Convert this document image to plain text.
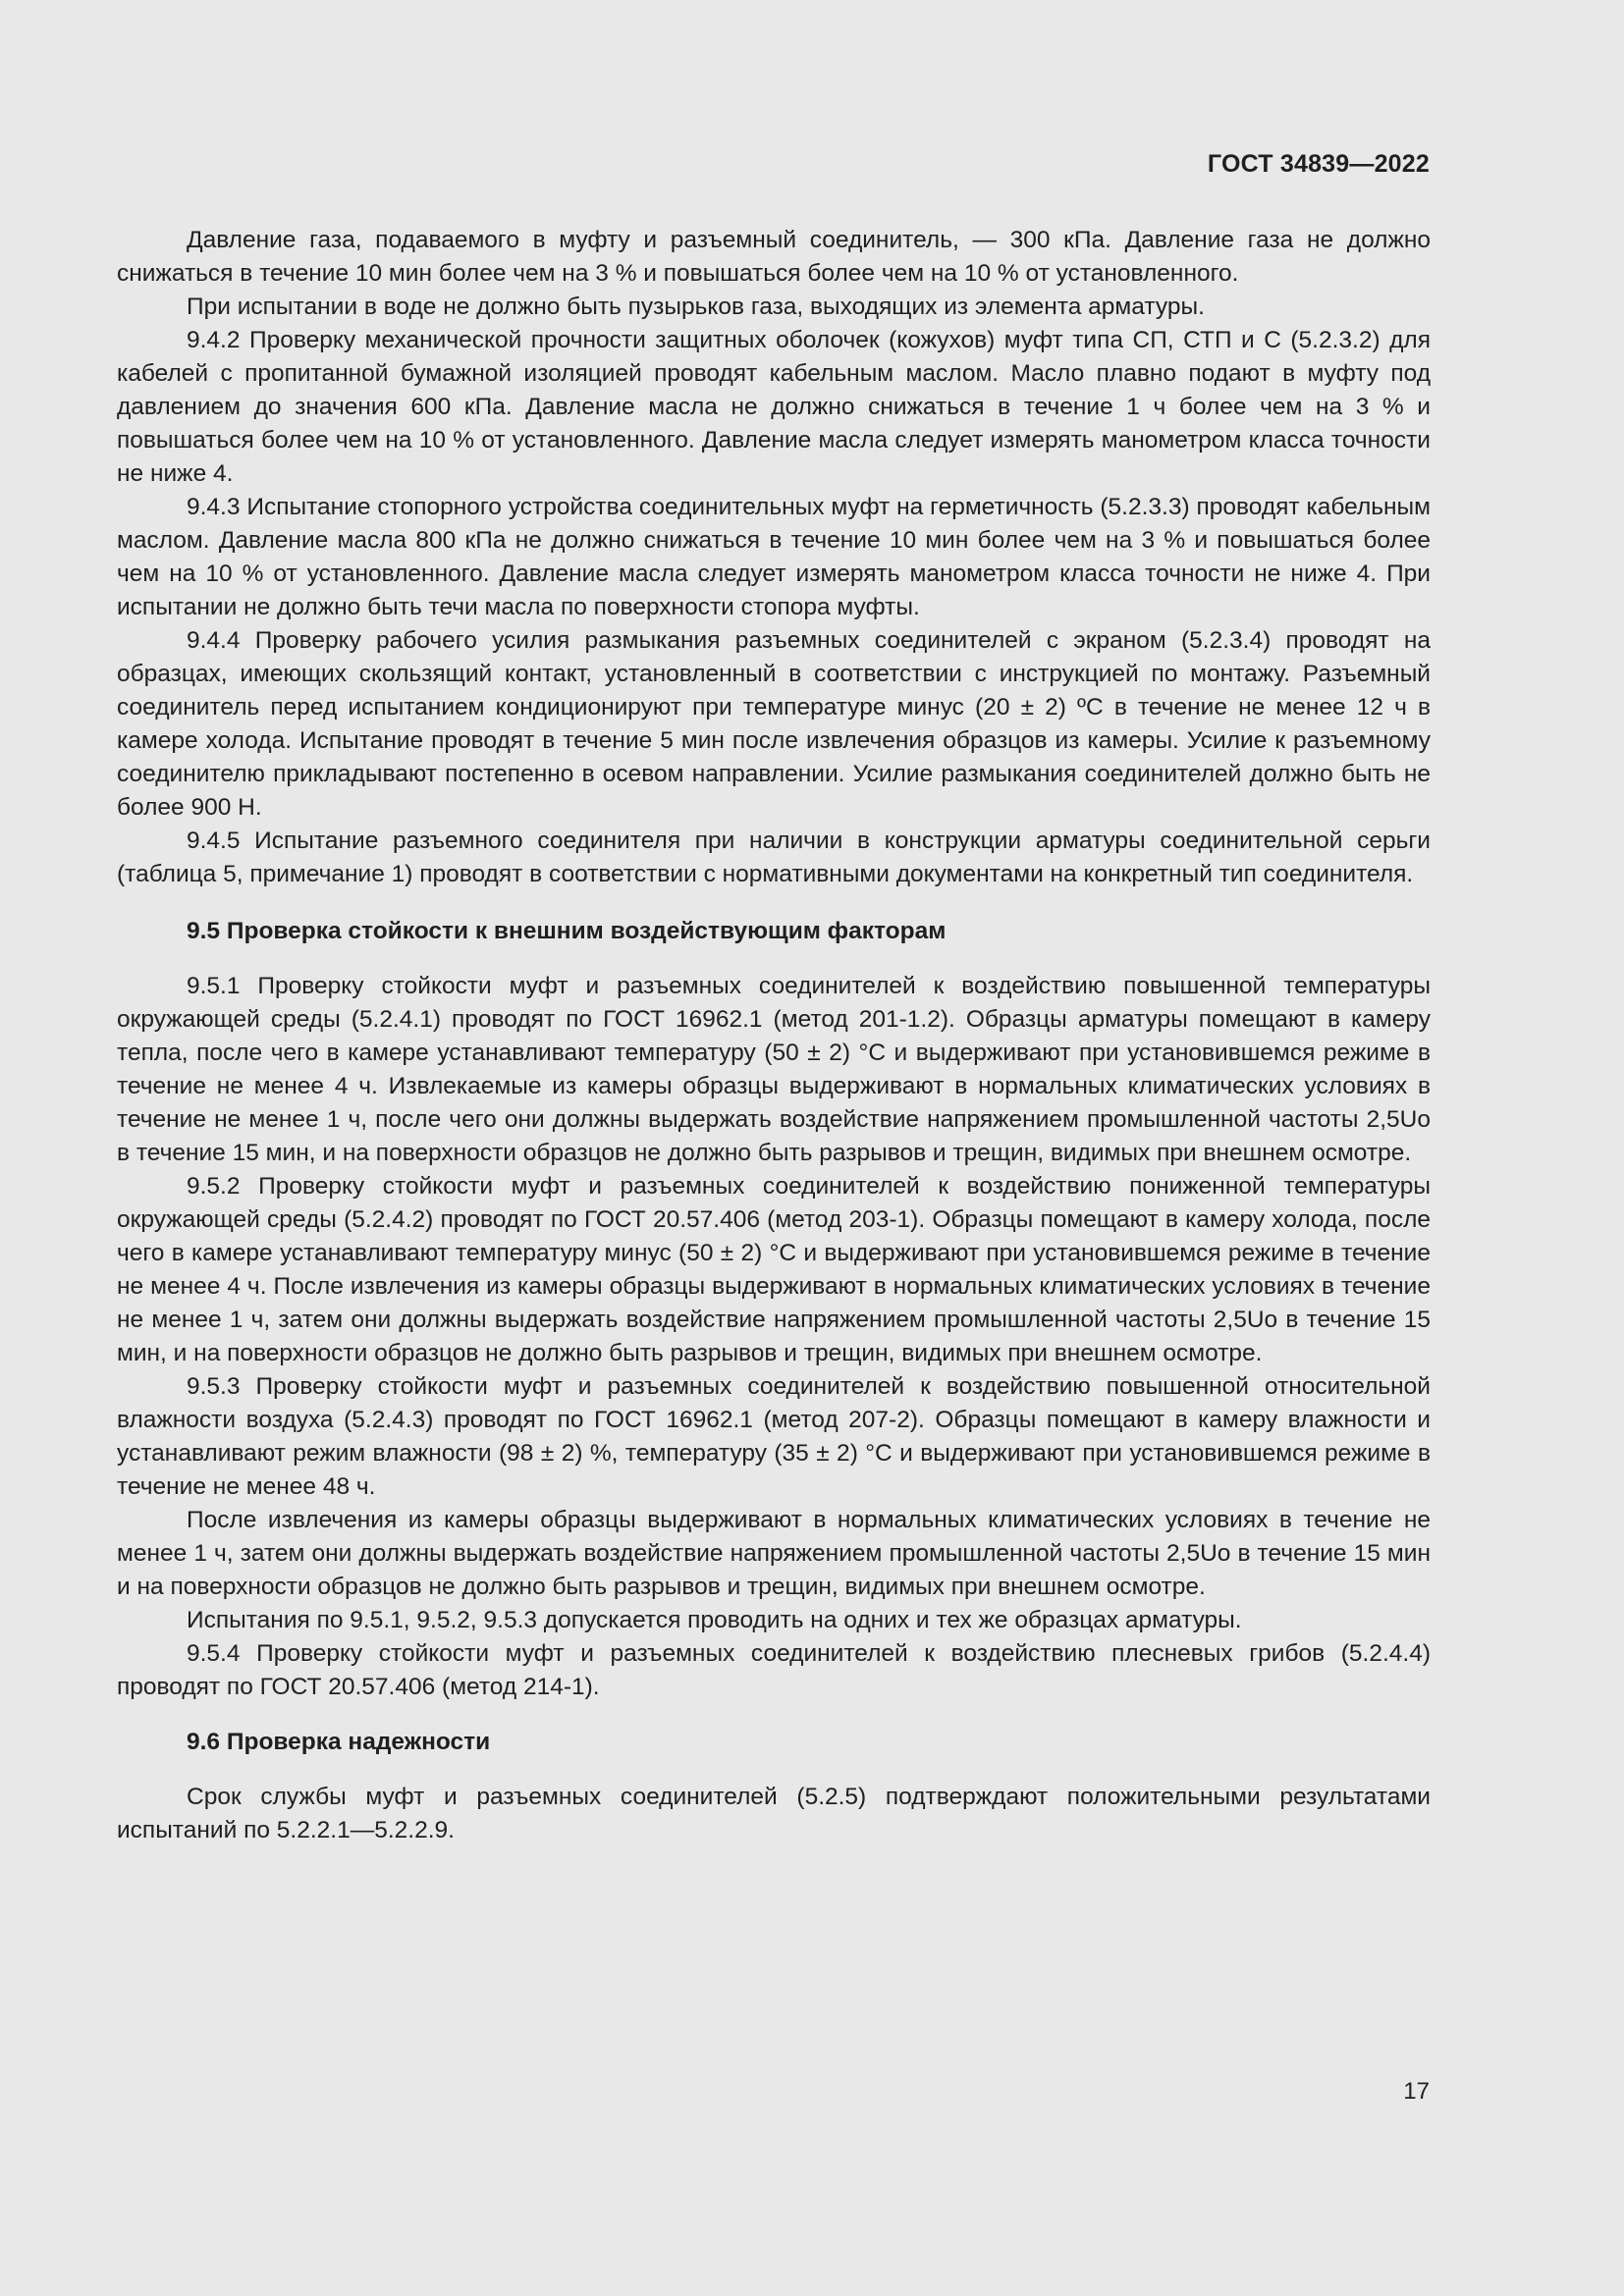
ГОСТ 34839—2022

Давление газа, подаваемого в муфту и разъемный соединитель, — 300 кПа. Давление газа не должно снижаться в течение 10 мин более чем на 3 % и повышаться более чем на 10 % от установленного.

При испытании в воде не должно быть пузырьков газа, выходящих из элемента арматуры.

9.4.2 Проверку механической прочности защитных оболочек (кожухов) муфт типа СП, СТП и С (5.2.3.2) для кабелей с пропитанной бумажной изоляцией проводят кабельным маслом. Масло плавно подают в муфту под давлением до значения 600 кПа. Давление масла не должно снижаться в течение 1 ч более чем на 3 % и повышаться более чем на 10 % от установленного. Давление масла следует измерять манометром класса точности не ниже 4.

9.4.3 Испытание стопорного устройства соединительных муфт на герметичность (5.2.3.3) проводят кабельным маслом. Давление масла 800 кПа не должно снижаться в течение 10 мин более чем на 3 % и повышаться более чем на 10 % от установленного. Давление масла следует измерять манометром класса точности не ниже 4. При испытании не должно быть течи масла по поверхности стопора муфты.

9.4.4 Проверку рабочего усилия размыкания разъемных соединителей с экраном (5.2.3.4) проводят на образцах, имеющих скользящий контакт, установленный в соответствии с инструкцией по монтажу. Разъемный соединитель перед испытанием кондиционируют при температуре минус (20 ± 2) ºС в течение не менее 12 ч в камере холода. Испытание проводят в течение 5 мин после извлечения образцов из камеры. Усилие к разъемному соединителю прикладывают постепенно в осевом направлении. Усилие размыкания соединителей должно быть не более 900 Н.

9.4.5 Испытание разъемного соединителя при наличии в конструкции арматуры соединительной серьги (таблица 5, примечание 1) проводят в соответствии с нормативными документами на конкретный тип соединителя.

9.5 Проверка стойкости к внешним воздействующим факторам

9.5.1 Проверку стойкости муфт и разъемных соединителей к воздействию повышенной температуры окружающей среды (5.2.4.1) проводят по ГОСТ 16962.1 (метод 201-1.2). Образцы арматуры помещают в камеру тепла, после чего в камере устанавливают температуру (50 ± 2) °С и выдерживают при установившемся режиме в течение не менее 4 ч. Извлекаемые из камеры образцы выдерживают в нормальных климатических условиях в течение не менее 1 ч, после чего они должны выдержать воздействие напряжением промышленной частоты 2,5Uо в течение 15 мин, и на поверхности образцов не должно быть разрывов и трещин, видимых при внешнем осмотре.

9.5.2 Проверку стойкости муфт и разъемных соединителей к воздействию пониженной температуры окружающей среды (5.2.4.2) проводят по ГОСТ 20.57.406 (метод 203-1). Образцы помещают в камеру холода, после чего в камере устанавливают температуру минус (50 ± 2) °С и выдерживают при установившемся режиме в течение не менее 4 ч. После извлечения из камеры образцы выдерживают в нормальных климатических условиях в течение не менее 1 ч, затем они должны выдержать воздействие напряжением промышленной частоты 2,5Uо в течение 15 мин, и на поверхности образцов не должно быть разрывов и трещин, видимых при внешнем осмотре.

9.5.3 Проверку стойкости муфт и разъемных соединителей к воздействию повышенной относительной влажности воздуха (5.2.4.3) проводят по ГОСТ 16962.1 (метод 207-2). Образцы помещают в камеру влажности и устанавливают режим влажности (98 ± 2) %, температуру (35 ± 2) °С и выдерживают при установившемся режиме в течение не менее 48 ч.

После извлечения из камеры образцы выдерживают в нормальных климатических условиях в течение не менее 1 ч, затем они должны выдержать воздействие напряжением промышленной частоты 2,5Uо в течение 15 мин и на поверхности образцов не должно быть разрывов и трещин, видимых при внешнем осмотре.

Испытания по 9.5.1, 9.5.2, 9.5.3 допускается проводить на одних и тех же образцах арматуры.

9.5.4 Проверку стойкости муфт и разъемных соединителей к воздействию плесневых грибов (5.2.4.4) проводят по ГОСТ 20.57.406 (метод 214-1).

9.6 Проверка надежности

Срок службы муфт и разъемных соединителей (5.2.5) подтверждают положительными результатами испытаний по 5.2.2.1—5.2.2.9.

17
